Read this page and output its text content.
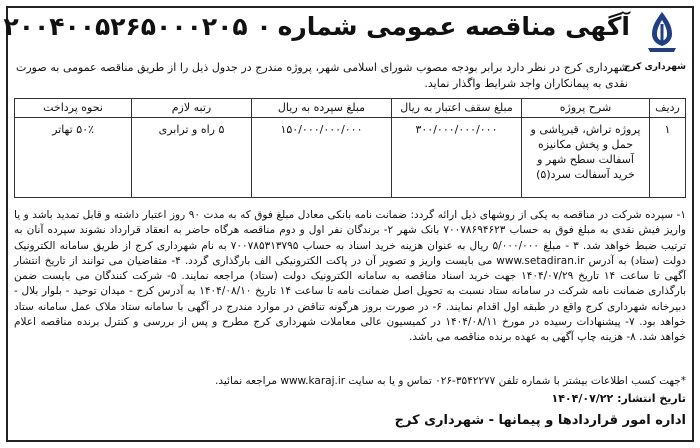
شهرداری کرج
آگهی مناقصه عمومی شماره۲۰۰۴۰۰۵۲۶۵۰۰۰۲۰۵ ۰
شهرداری کرج در نظر دارد برابر بودجه مصوب شورای اسلامی شهر، پروژه مندرج در جدول ذیل را از طریق مناقصه عمومی به صورت نقدی به پیمانکاران واجد شرایط واگذار نماید.
ردیف	شرح پروژه	مبلغ سقف اعتبار به ریال	مبلغ سپرده به ریال	رتبه لازم	نحوه پرداخت
۱	پروژه تراش، قیرپاشی و حمل و پخش مکانیزه آسفالت سطح شهر و خرید آسفالت سرد(۵)	۳۰۰/۰۰۰/۰۰۰/۰۰۰	۱۵۰/۰۰۰/۰۰۰/۰۰۰	۵ راه و ترابری	۵۰٪ تهاتر
۱- سپرده شرکت در مناقصه به یکی از روشهای ذیل ارائه گردد: ضمانت نامه بانکی معادل مبلغ فوق که به مدت ۹۰ روز اعتبار داشته و قابل تمدید باشد و یا واریز فیش نقدی به مبلغ فوق به حساب ۷۰۰۷۸۶۹۴۶۲۳ بانک شهر ۲- برندگان نفر اول و دوم مناقصه هرگاه حاضر به انعقاد قرارداد نشوند سپرده آنان به ترتیب ضبط خواهد شد. ۳ - مبلغ ۵/۰۰۰/۰۰۰ ریال به عنوان هزینه خرید اسناد به حساب ۷۰۰۷۸۵۳۱۳۷۹۵ به نام شهرداری کرج از طریق سامانه الکترونیک دولت (ستاد) به آدرس www.setadiran.ir می بایست واریز و تصویر آن در پاکت الکترونیکی الف بارگذاری گردد. ۴- متقاضیان می توانند از تاریخ انتشار آگهی تا ساعت ۱۴ تاریخ ۱۴۰۴/۰۷/۲۹ جهت خرید اسناد مناقصه به سامانه الکترونیک دولت (ستاد) مراجعه نمایند. ۵- شرکت کنندگان می بایست ضمن بارگذاری ضمانت نامه شرکت در سامانه ستاد نسبت به تحویل اصل ضمانت نامه تا ساعت ۱۴ تاریخ ۱۴۰۴/۰۸/۱۰ به آدرس کرج - میدان توحید - بلوار بلال - دبیرخانه شهرداری کرج واقع در طبقه اول اقدام نمایند. ۶- در صورت بروز هرگونه تناقض در موارد مندرج در آگهی با سامانه ستاد ملاک عمل سامانه ستاد خواهد بود. ۷- پیشنهادات رسیده در مورخ ۱۴۰۴/۰۸/۱۱ در کمیسیون عالی معاملات شهرداری کرج مطرح و پس از بررسی و کنترل برنده مناقصه اعلام خواهد شد. ۸- هزینه چاپ آگهی به عهده برنده مناقصه می باشد.
*جهت کسب اطلاعات بیشتر با شماره تلفن ۳۵۴۲۲۷۷-۰۲۶ تماس و یا به سایت www.karaj.ir مراجعه نمائید.
تاریخ انتشار: ۱۴۰۴/۰۷/۲۲
اداره امور قراردادها و پیمانها - شهرداری کرج
